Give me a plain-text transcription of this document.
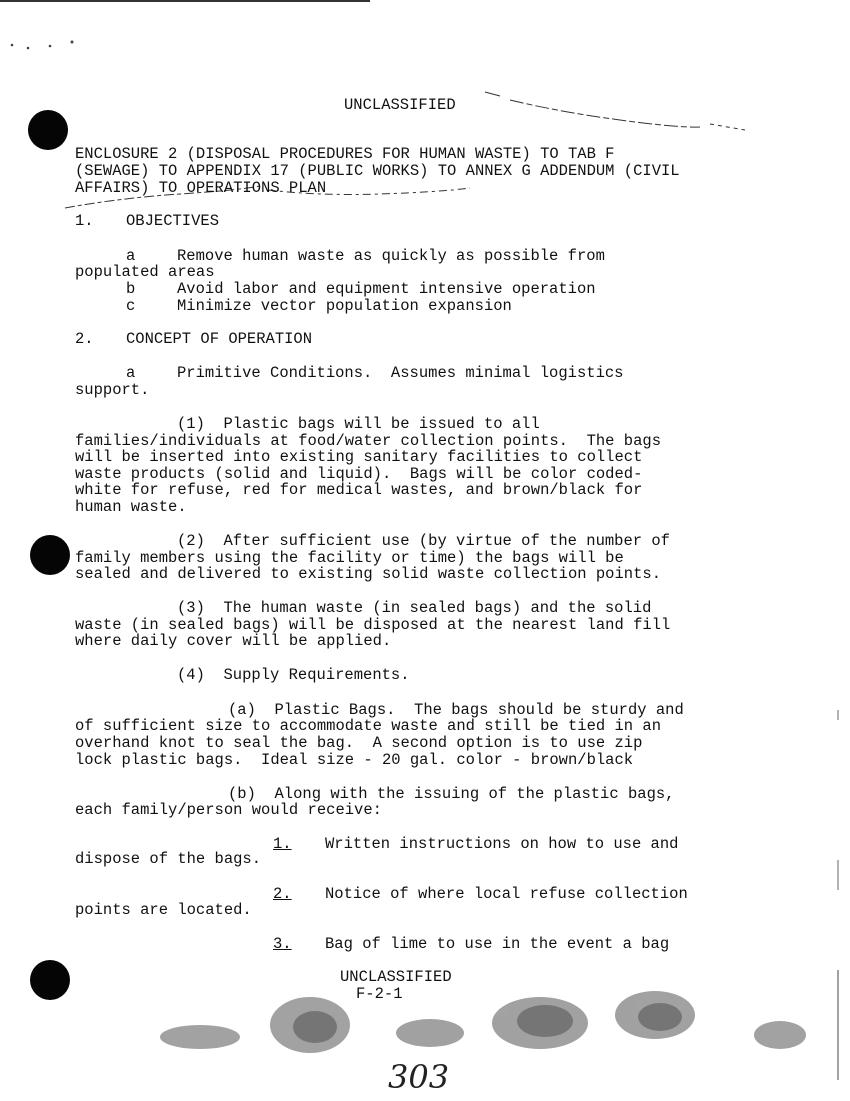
UNCLASSIFIED
ENCLOSURE 2 (DISPOSAL PROCEDURES FOR HUMAN WASTE) TO TAB F
(SEWAGE) TO APPENDIX 17 (PUBLIC WORKS) TO ANNEX G ADDENDUM (CIVIL
AFFAIRS) TO OPERATIONS PLAN
1. OBJECTIVES
a	Remove human waste as quickly as possible from
populated areas
b	Avoid labor and equipment intensive operation
c	Minimize vector population expansion
2. CONCEPT OF OPERATION
a	Primitive Conditions.  Assumes minimal logistics
support.
(1)  Plastic bags will be issued to all
families/individuals at food/water collection points.  The bags
will be inserted into existing sanitary facilities to collect
waste products (solid and liquid).  Bags will be color coded-
white for refuse, red for medical wastes, and brown/black for
human waste.
(2)  After sufficient use (by virtue of the number of
family members using the facility or time) the bags will be
sealed and delivered to existing solid waste collection points.
(3)  The human waste (in sealed bags) and the solid
waste (in sealed bags) will be disposed at the nearest land fill
where daily cover will be applied.
(4)  Supply Requirements.
(a)  Plastic Bags.  The bags should be sturdy and
of sufficient size to accommodate waste and still be tied in an
overhand knot to seal the bag.  A second option is to use zip
lock plastic bags.  Ideal size - 20 gal. color - brown/black
(b)  Along with the issuing of the plastic bags,
each family/person would receive:
1. Written instructions on how to use and
dispose of the bags.
2. Notice of where local refuse collection
points are located.
3. Bag of lime to use in the event a bag
UNCLASSIFIED
F-2-1
303
